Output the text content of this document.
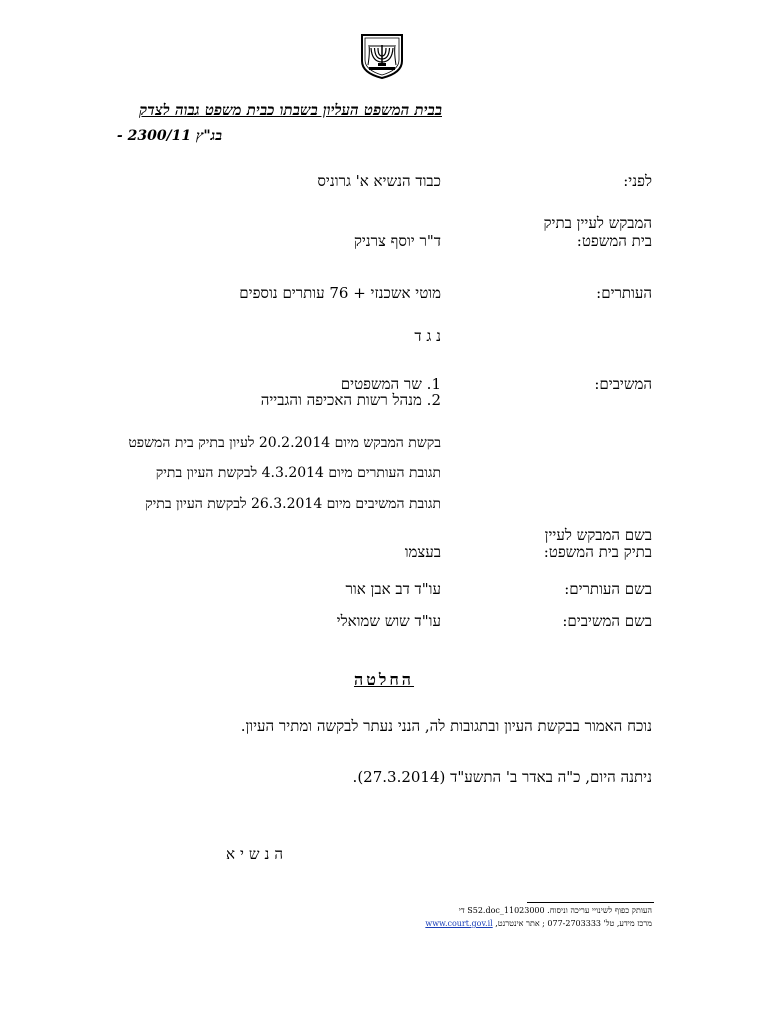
בבית המשפט העליון בשבתו כבית משפט גבוה לצדק
בג"ץ 2300/11 -
לפני:
כבוד הנשיא א' גרוניס
המבקש לעיין בתיק
בית המשפט:
ד"ר יוסף צרניק
העותרים:
מוטי אשכנזי + 76 עותרים נוספים
נ ג ד
המשיבים:
1. שר המשפטים
2. מנהל רשות האכיפה והגבייה
בקשת המבקש מיום 20.2.2014 לעיון בתיק בית המשפט
תגובת העותרים מיום 4.3.2014 לבקשת העיון בתיק
תגובת המשיבים מיום 26.3.2014 לבקשת העיון בתיק
בשם המבקש לעיין
בתיק בית המשפט:
בעצמו
בשם העותרים:
עו"ד דב אבן אור
בשם המשיבים:
עו"ד שוש שמואלי
החלטה
נוכח האמור בבקשת העיון ובתגובות לה, הנני נעתר לבקשה ומתיר העיון.
ניתנה היום, כ"ה באדר ב' התשע"ד (27.3.2014).
הנשיא
העותק כפוף לשינויי עריכה וניסוח. 11023000_S52.doc די
מרכז מידע, טל' 077-2703333 ; אתר אינטרנט, www.court.gov.il
